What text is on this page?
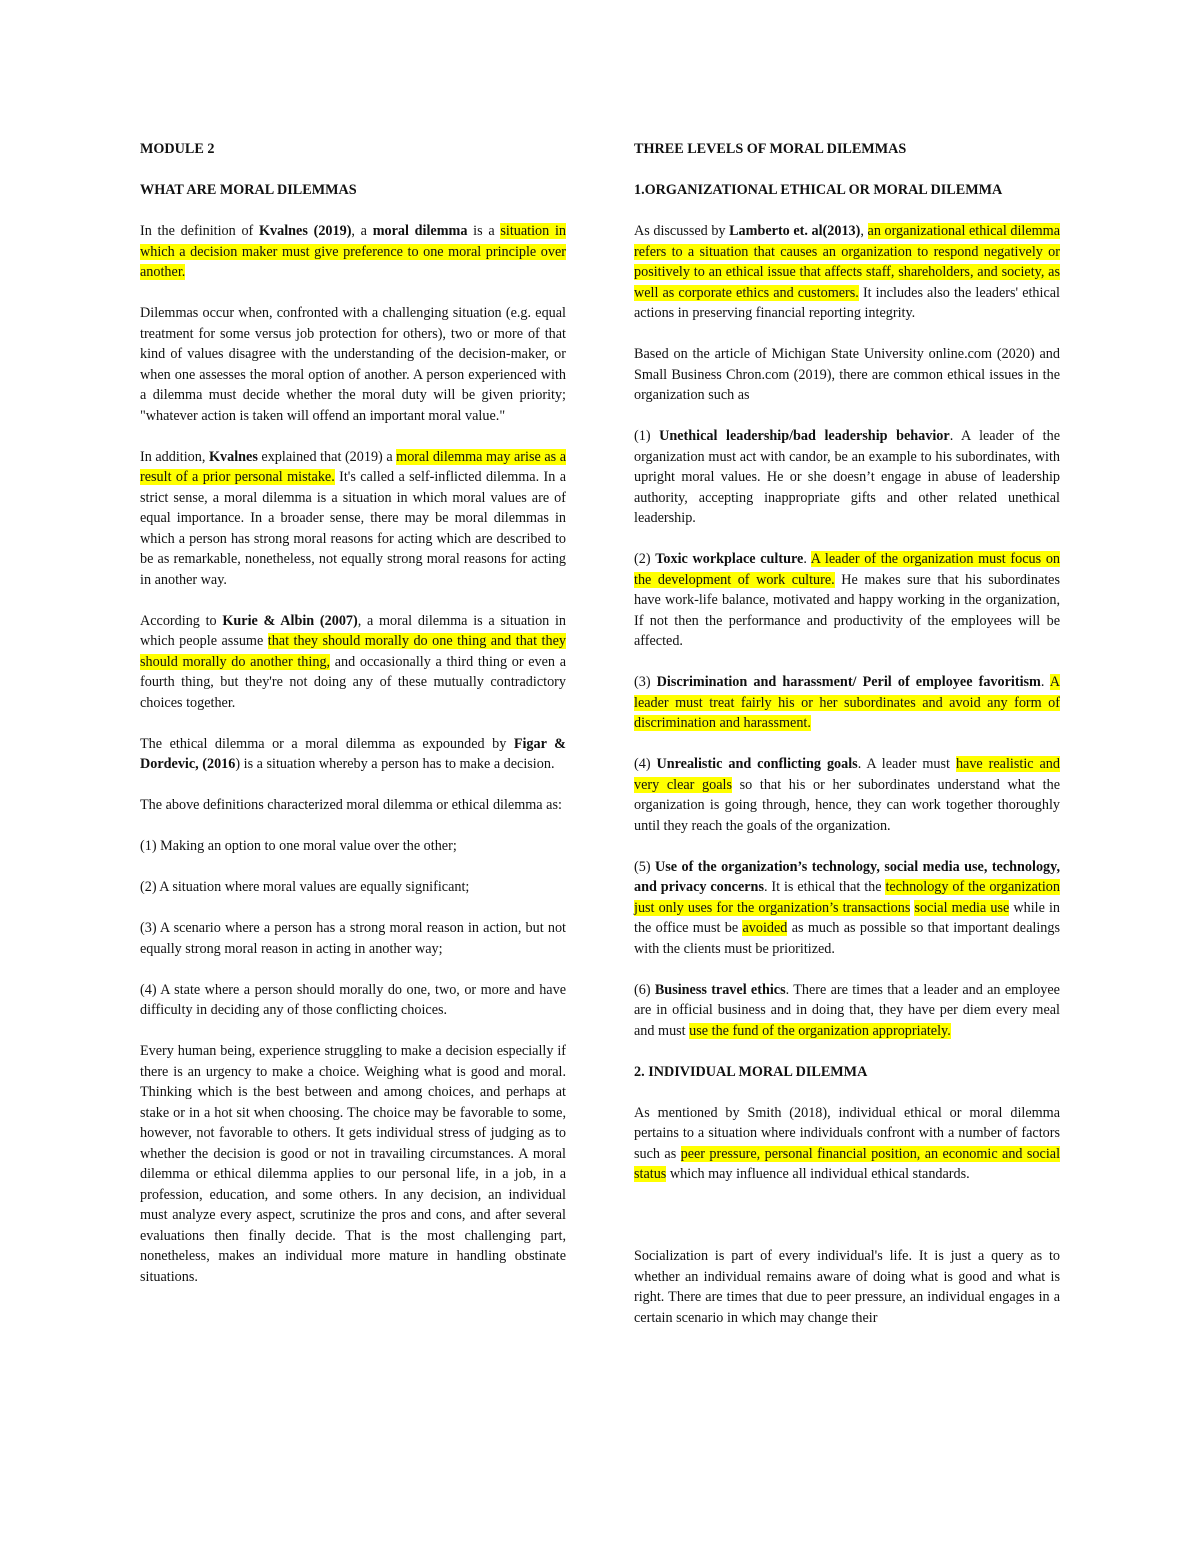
MODULE 2

WHAT ARE MORAL DILEMMAS

In the definition of Kvalnes (2019), a moral dilemma is a situation in which a decision maker must give preference to one moral principle over another.

Dilemmas occur when, confronted with a challenging situation (e.g. equal treatment for some versus job protection for others), two or more of that kind of values disagree with the understanding of the decision-maker, or when one assesses the moral option of another. A person experienced with a dilemma must decide whether the moral duty will be given priority; "whatever action is taken will offend an important moral value."

In addition, Kvalnes explained that (2019) a moral dilemma may arise as a result of a prior personal mistake. It's called a self-inflicted dilemma. In a strict sense, a moral dilemma is a situation in which moral values are of equal importance. In a broader sense, there may be moral dilemmas in which a person has strong moral reasons for acting which are described to be as remarkable, nonetheless, not equally strong moral reasons for acting in another way.

According to Kurie & Albin (2007), a moral dilemma is a situation in which people assume that they should morally do one thing and that they should morally do another thing, and occasionally a third thing or even a fourth thing, but they're not doing any of these mutually contradictory choices together.

The ethical dilemma or a moral dilemma as expounded by Figar & Dordevic, (2016) is a situation whereby a person has to make a decision.

The above definitions characterized moral dilemma or ethical dilemma as:

(1) Making an option to one moral value over the other;

(2) A situation where moral values are equally significant;

(3) A scenario where a person has a strong moral reason in action, but not equally strong moral reason in acting in another way;

(4) A state where a person should morally do one, two, or more and have difficulty in deciding any of those conflicting choices.

Every human being, experience struggling to make a decision especially if there is an urgency to make a choice. Weighing what is good and moral. Thinking which is the best between and among choices, and perhaps at stake or in a hot sit when choosing. The choice may be favorable to some, however, not favorable to others. It gets individual stress of judging as to whether the decision is good or not in travailing circumstances. A moral dilemma or ethical dilemma applies to our personal life, in a job, in a profession, education, and some others. In any decision, an individual must analyze every aspect, scrutinize the pros and cons, and after several evaluations then finally decide. That is the most challenging part, nonetheless, makes an individual more mature in handling obstinate situations.

THREE LEVELS OF MORAL DILEMMAS

1.ORGANIZATIONAL ETHICAL OR MORAL DILEMMA

As discussed by Lamberto et. al(2013), an organizational ethical dilemma refers to a situation that causes an organization to respond negatively or positively to an ethical issue that affects staff, shareholders, and society, as well as corporate ethics and customers. It includes also the leaders' ethical actions in preserving financial reporting integrity.

Based on the article of Michigan State University online.com (2020) and Small Business Chron.com (2019), there are common ethical issues in the organization such as

(1) Unethical leadership/bad leadership behavior. A leader of the organization must act with candor, be an example to his subordinates, with upright moral values. He or she doesn’t engage in abuse of leadership authority, accepting inappropriate gifts and other related unethical leadership.

(2) Toxic workplace culture. A leader of the organization must focus on the development of work culture. He makes sure that his subordinates have work-life balance, motivated and happy working in the organization, If not then the performance and productivity of the employees will be affected.

(3) Discrimination and harassment/ Peril of employee favoritism. A leader must treat fairly his or her subordinates and avoid any form of discrimination and harassment.

(4) Unrealistic and conflicting goals. A leader must have realistic and very clear goals so that his or her subordinates understand what the organization is going through, hence, they can work together thoroughly until they reach the goals of the organization.

(5) Use of the organization’s technology, social media use, technology, and privacy concerns. It is ethical that the technology of the organization just only uses for the organization’s transactions social media use while in the office must be avoided as much as possible so that important dealings with the clients must be prioritized.

(6) Business travel ethics. There are times that a leader and an employee are in official business and in doing that, they have per diem every meal and must use the fund of the organization appropriately.

2. INDIVIDUAL MORAL DILEMMA

As mentioned by Smith (2018), individual ethical or moral dilemma pertains to a situation where individuals confront with a number of factors such as peer pressure, personal financial position, an economic and social status which may influence all individual ethical standards.

Socialization is part of every individual's life. It is just a query as to whether an individual remains aware of doing what is good and what is right. There are times that due to peer pressure, an individual engages in a certain scenario in which may change their
